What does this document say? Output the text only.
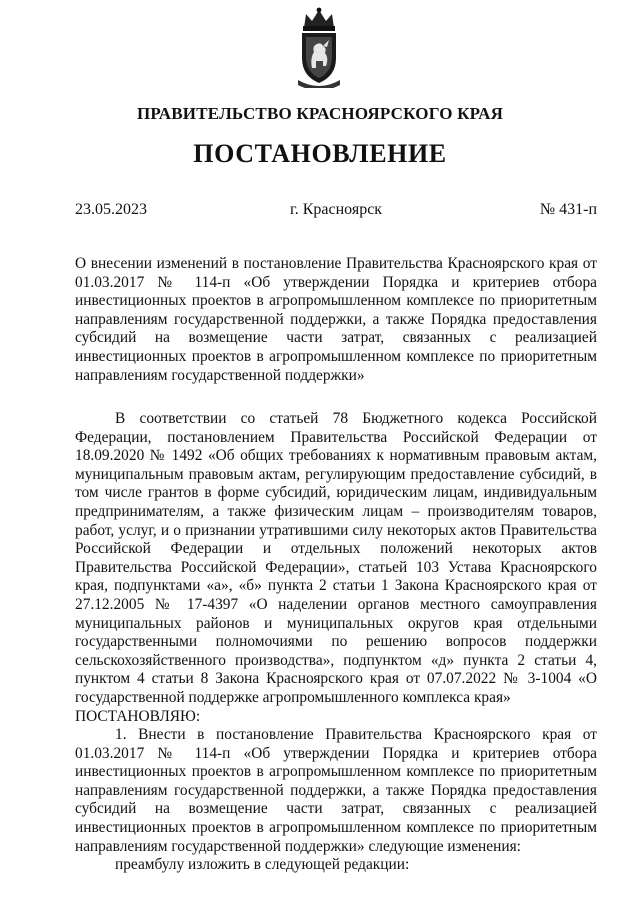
ПРАВИТЕЛЬСТВО КРАСНОЯРСКОГО КРАЯ
ПОСТАНОВЛЕНИЕ
23.05.2023	г. Красноярск	№ 431-п
О внесении изменений в постановление Правительства Красноярского края от 01.03.2017 № 114-п «Об утверждении Порядка и критериев отбора инвестиционных проектов в агропромышленном комплексе по приоритетным направлениям государственной поддержки, а также Порядка предоставления субсидий на возмещение части затрат, связанных с реализацией инвестиционных проектов в агропромышленном комплексе по приоритетным направлениям государственной поддержки»

В соответствии со статьей 78 Бюджетного кодекса Российской Федерации, постановлением Правительства Российской Федерации от 18.09.2020 № 1492 «Об общих требованиях к нормативным правовым актам, муниципальным правовым актам, регулирующим предоставление субсидий, в том числе грантов в форме субсидий, юридическим лицам, индивидуальным предпринимателям, а также физическим лицам – производителям товаров, работ, услуг, и о признании утратившими силу некоторых актов Правительства Российской Федерации и отдельных положений некоторых актов Правительства Российской Федерации», статьей 103 Устава Красноярского края, подпунктами «а», «б» пункта 2 статьи 1 Закона Красноярского края от 27.12.2005 № 17-4397 «О наделении органов местного самоуправления муниципальных районов и муниципальных округов края отдельными государственными полномочиями по решению вопросов поддержки сельскохозяйственного производства», подпунктом «д» пункта 2 статьи 4, пунктом 4 статьи 8 Закона Красноярского края от 07.07.2022 № 3-1004 «О государственной поддержке агропромышленного комплекса края»

ПОСТАНОВЛЯЮ:

1. Внести в постановление Правительства Красноярского края от 01.03.2017 № 114-п «Об утверждении Порядка и критериев отбора инвестиционных проектов в агропромышленном комплексе по приоритетным направлениям государственной поддержки, а также Порядка предоставления субсидий на возмещение части затрат, связанных с реализацией инвестиционных проектов в агропромышленном комплексе по приоритетным направлениям государственной поддержки» следующие изменения:

преамбулу изложить в следующей редакции:
